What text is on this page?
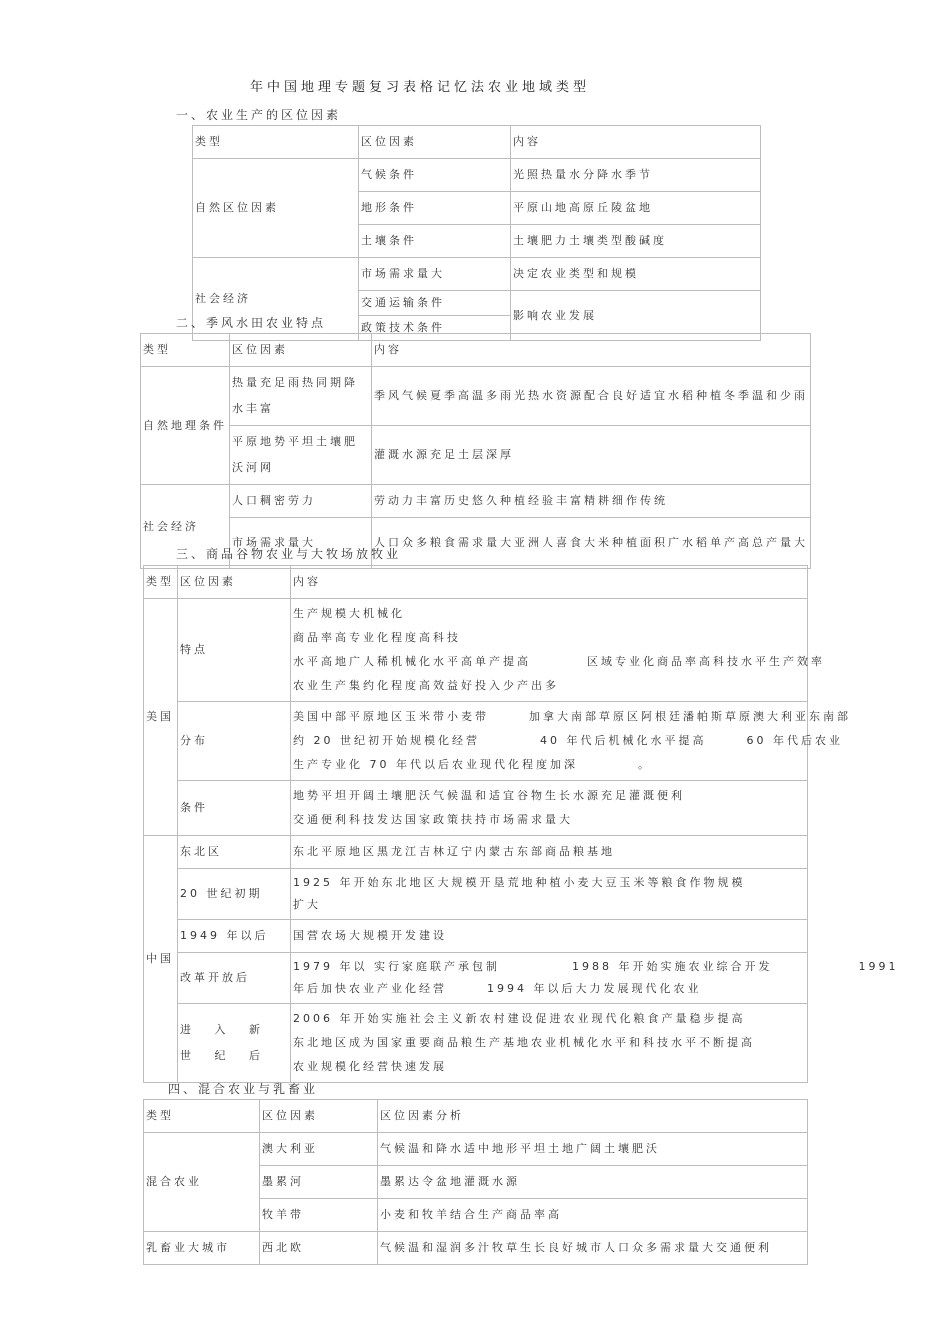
年中国地理专题复习表格记忆法农业地域类型
一、农业生产的区位因素
类型	区位因素	内容
自然区位因素	气候条件	光照热量水分降水季节
	地形条件	平原山地高原丘陵盆地
	土壤条件	土壤肥力土壤类型酸碱度
社会经济	市场需求量大	决定农业类型和规模
	交通运输条件	影响农业发展
	政策技术条件	
二、季风水田农业特点
类型	区位因素	内容
自然地理条件	热量充足雨热同期降水丰富	季风气候夏季高温多雨光热水资源配合良好适宜水稻种植冬季温和少雨
	平原地势平坦土壤肥沃河网	灌溉水源充足土层深厚
社会经济	人口稠密劳力	劳动力丰富历史悠久种植经验丰富精耕细作传统
	市场需求量大	人口众多粮食需求量大亚洲人喜食大米种植面积广水稻单产高总产量大
三、商品谷物农业与大牧场放牧业
类型	区位因素	内容
美国	特点	生产规模大机械化
商品率高专业化程度高科技
水平高地广人稀机械化水平高单产提高 区域专业化商品率高科技水平生产效率
农业生产集约化程度高效益好投入少产出多

	分布	美国中部平原地区玉米带小麦带 加拿大南部草原区阿根廷潘帕斯草原澳大利亚东南部
约 20 世纪初开始规模化经营 40 年代后机械化水平提高 60 年代后农业
生产专业化 70 年代以后农业现代化程度加深 。

	条件	地势平坦开阔土壤肥沃气候温和适宜谷物生长水源充足灌溉便利
交通便利科技发达国家政策扶持市场需求量大

中国	东北区	东北平原地区黑龙江吉林辽宁内蒙古东部商品粮基地
	20 世纪初期	1925 年开始东北地区大规模开垦荒地种植小麦大豆玉米等粮食作物规模
扩大

	1949 年以后	国营农场大规模开发建设
	改革开放后	1979 年以 实行家庭联产承包制 1988 年开始实施农业综合开发 1991
年后加快农业产业化经营 1994 年以后大力发展现代化农业

	进 入 新 世 纪 后	2006 年开始实施社会主义新农村建设促进农业现代化粮食产量稳步提高
东北地区成为国家重要商品粮生产基地农业机械化水平和科技水平不断提高
农业规模化经营快速发展
四、混合农业与乳畜业
类型	区位因素	区位因素分析
混合农业	澳大利亚	气候温和降水适中地形平坦土地广阔土壤肥沃
	墨累河	墨累达令盆地灌溉水源
	牧羊带	小麦和牧羊结合生产商品率高
乳畜业大城市	西北欧	气候温和湿润多汁牧草生长良好城市人口众多需求量大交通便利
